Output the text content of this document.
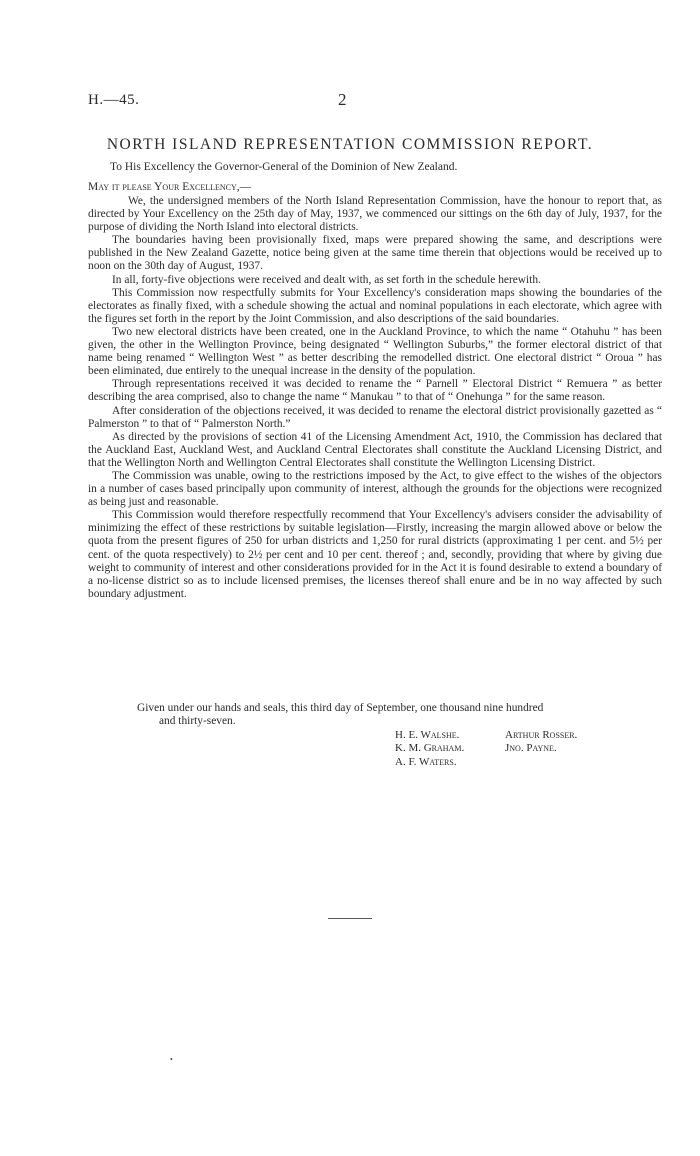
H.—45.	2
NORTH ISLAND REPRESENTATION COMMISSION REPORT.
To His Excellency the Governor-General of the Dominion of New Zealand.
May it please Your Excellency,—

We, the undersigned members of the North Island Representation Commission, have the honour to report that, as directed by Your Excellency on the 25th day of May, 1937, we commenced our sittings on the 6th day of July, 1937, for the purpose of dividing the North Island into electoral districts.

The boundaries having been provisionally fixed, maps were prepared showing the same, and descriptions were published in the New Zealand Gazette, notice being given at the same time therein that objections would be received up to noon on the 30th day of August, 1937.

In all, forty-five objections were received and dealt with, as set forth in the schedule herewith.

This Commission now respectfully submits for Your Excellency's consideration maps showing the boundaries of the electorates as finally fixed, with a schedule showing the actual and nominal populations in each electorate, which agree with the figures set forth in the report by the Joint Commission, and also descriptions of the said boundaries.

Two new electoral districts have been created, one in the Auckland Province, to which the name “ Otahuhu ” has been given, the other in the Wellington Province, being designated “ Wellington Suburbs,” the former electoral district of that name being renamed “ Wellington West ” as better describing the remodelled district. One electoral district “ Oroua ” has been eliminated, due entirely to the unequal increase in the density of the population.

Through representations received it was decided to rename the “ Parnell ” Electoral District “ Remuera ” as better describing the area comprised, also to change the name “ Manukau ” to that of “ Onehunga ” for the same reason.

After consideration of the objections received, it was decided to rename the electoral district provisionally gazetted as “ Palmerston ” to that of “ Palmerston North.”

As directed by the provisions of section 41 of the Licensing Amendment Act, 1910, the Commission has declared that the Auckland East, Auckland West, and Auckland Central Electorates shall constitute the Auckland Licensing District, and that the Wellington North and Wellington Central Electorates shall constitute the Wellington Licensing District.

The Commission was unable, owing to the restrictions imposed by the Act, to give effect to the wishes of the objectors in a number of cases based principally upon community of interest, although the grounds for the objections were recognized as being just and reasonable.

This Commission would therefore respectfully recommend that Your Excellency's advisers consider the advisability of minimizing the effect of these restrictions by suitable legislation—Firstly, increasing the margin allowed above or below the quota from the present figures of 250 for urban districts and 1,250 for rural districts (approximating 1 per cent. and 5½ per cent. of the quota respectively) to 2½ per cent and 10 per cent. thereof ; and, secondly, providing that where by giving due weight to community of interest and other considerations provided for in the Act it is found desirable to extend a boundary of a no-license district so as to include licensed premises, the licenses thereof shall enure and be in no way affected by such boundary adjustment.

Given under our hands and seals, this third day of September, one thousand nine hundred
and thirty-seven.
H. E. Walshe.	Arthur Rosser.
K. M. Graham.	Jno. Payne.
A. F. Waters.
•
